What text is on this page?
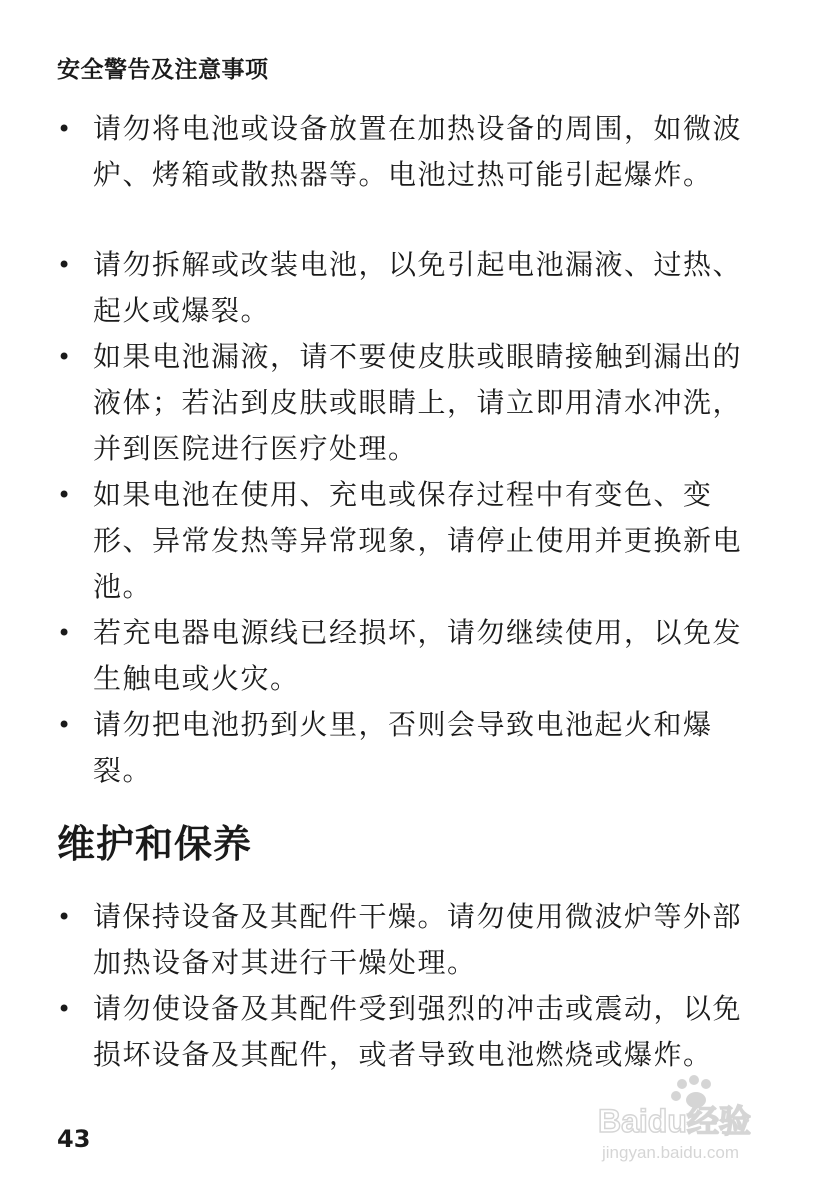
安全警告及注意事项
• 请勿将电池或设备放置在加热设备的周围，如微波炉、烤箱或散热器等。电池过热可能引起爆炸。
• 请勿拆解或改装电池，以免引起电池漏液、过热、起火或爆裂。
• 如果电池漏液，请不要使皮肤或眼睛接触到漏出的液体；若沾到皮肤或眼睛上，请立即用清水冲洗，并到医院进行医疗处理。
• 如果电池在使用、充电或保存过程中有变色、变形、异常发热等异常现象，请停止使用并更换新电池。
• 若充电器电源线已经损坏，请勿继续使用，以免发生触电或火灾。
• 请勿把电池扔到火里，否则会导致电池起火和爆裂。
维护和保养
• 请保持设备及其配件干燥。请勿使用微波炉等外部加热设备对其进行干燥处理。
• 请勿使设备及其配件受到强烈的冲击或震动，以免损坏设备及其配件，或者导致电池燃烧或爆炸。
43	Baidu经验
jingyan.baidu.com
